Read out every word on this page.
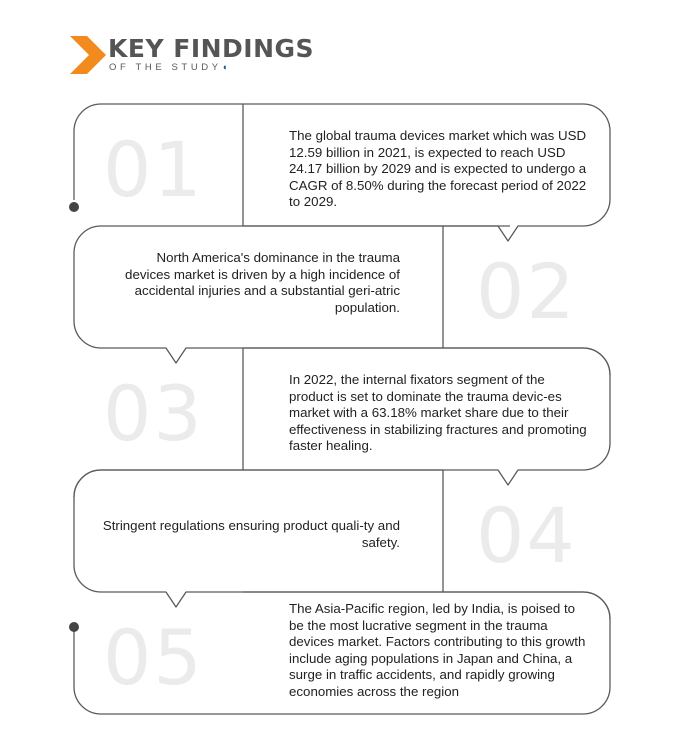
KEY FINDINGS
OF THE STUDY◖
01	The global trauma devices market which was USD 12.59 billion in 2021, is expected to reach USD 24.17 billion by 2029 and is expected to undergo a CAGR of 8.50% during the forecast period of 2022 to 2029.
02
North America's dominance in the trauma devices market is driven by a high incidence of accidental injuries and a substantial geri-atric population.
03	In 2022, the internal fixators segment of the product is set to dominate the trauma devic-es market with a 63.18% market share due to their effectiveness in stabilizing fractures and promoting faster healing.
04
Stringent regulations ensuring product quali-ty and safety.
05
The Asia-Pacific region, led by India, is poised to be the most lucrative segment in the trauma devices market. Factors contributing to this growth include aging populations in Japan and China, a surge in traffic accidents, and rapidly growing economies across the region
